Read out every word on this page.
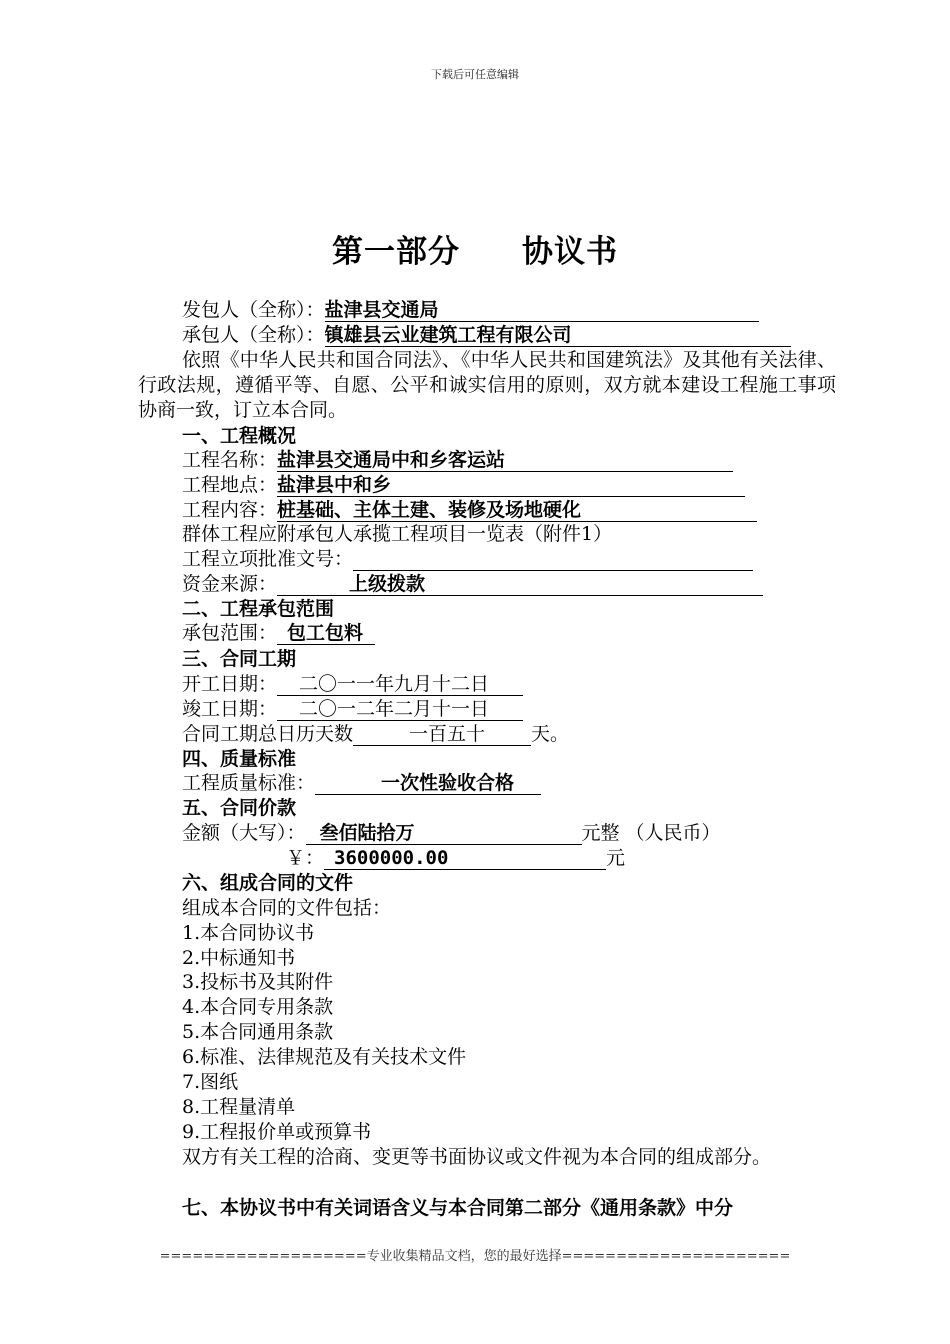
下载后可任意编辑
第一部分 协议书
发包人（全称）：盐津县交通局
承包人（全称）：镇雄县云业建筑工程有限公司
依照《中华人民共和国合同法》、《中华人民共和国建筑法》及其他有关法律、行政法规，遵循平等、自愿、公平和诚实信用的原则，双方就本建设工程施工事项协商一致，订立本合同。
一、工程概况
工程名称：盐津县交通局中和乡客运站
工程地点：盐津县中和乡
工程内容：桩基础、主体土建、装修及场地硬化
群体工程应附承包人承揽工程项目一览表（附件1）
工程立项批准文号：
资金来源：	上级拨款
二、工程承包范围
承包范围： 包工包料
三、合同工期
开工日期： 二〇一一年九月十二日
竣工日期： 二〇一二年二月十一日
合同工期总日历天数	一百五十 天。
四、质量标准
工程质量标准：	一次性验收合格
五、合同价款
金额（大写）： 叁佰陆拾万	元整 （人民币）
￥： 3600000.00	元
六、组成合同的文件
组成本合同的文件包括：
1.本合同协议书
2.中标通知书
3.投标书及其附件
4.本合同专用条款
5.本合同通用条款
6.标准、法律规范及有关技术文件
7.图纸
8.工程量清单
9.工程报价单或预算书
双方有关工程的洽商、变更等书面协议或文件视为本合同的组成部分。
七、本协议书中有关词语含义与本合同第二部分《通用条款》中分
===================专业收集精品文档，您的最好选择=====================
